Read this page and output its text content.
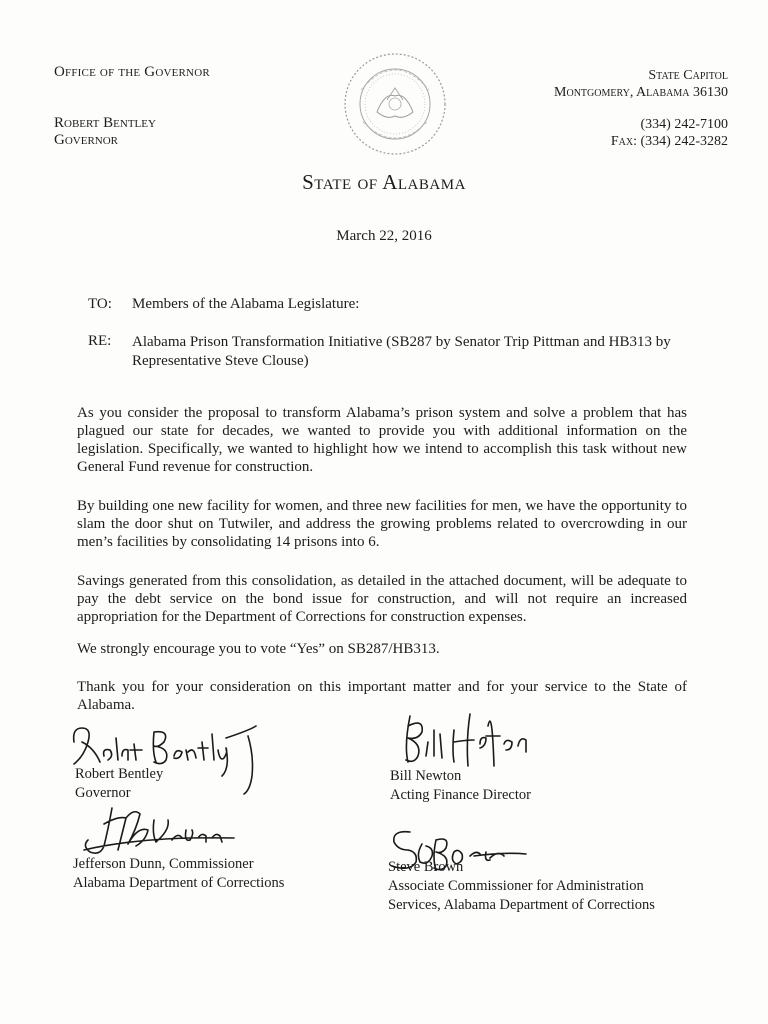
Office of the Governor
Robert Bentley
Governor
State Capitol
Montgomery, Alabama 36130
(334) 242-7100
Fax: (334) 242-3282
State of Alabama
March 22, 2016
TO: Members of the Alabama Legislature:
RE: Alabama Prison Transformation Initiative (SB287 by Senator Trip Pittman and HB313 by Representative Steve Clouse)
As you consider the proposal to transform Alabama’s prison system and solve a problem that has plagued our state for decades, we wanted to provide you with additional information on the legislation. Specifically, we wanted to highlight how we intend to accomplish this task without new General Fund revenue for construction.
By building one new facility for women, and three new facilities for men, we have the opportunity to slam the door shut on Tutwiler, and address the growing problems related to overcrowding in our men’s facilities by consolidating 14 prisons into 6.
Savings generated from this consolidation, as detailed in the attached document, will be adequate to pay the debt service on the bond issue for construction, and will not require an increased appropriation for the Department of Corrections for construction expenses.
We strongly encourage you to vote “Yes” on SB287/HB313.
Thank you for your consideration on this important matter and for your service to the State of Alabama.
Robert Bentley
Governor
Bill Newton
Acting Finance Director
Jefferson Dunn, Commissioner
Alabama Department of Corrections
Steve Brown
Associate Commissioner for Administration
Services, Alabama Department of Corrections
